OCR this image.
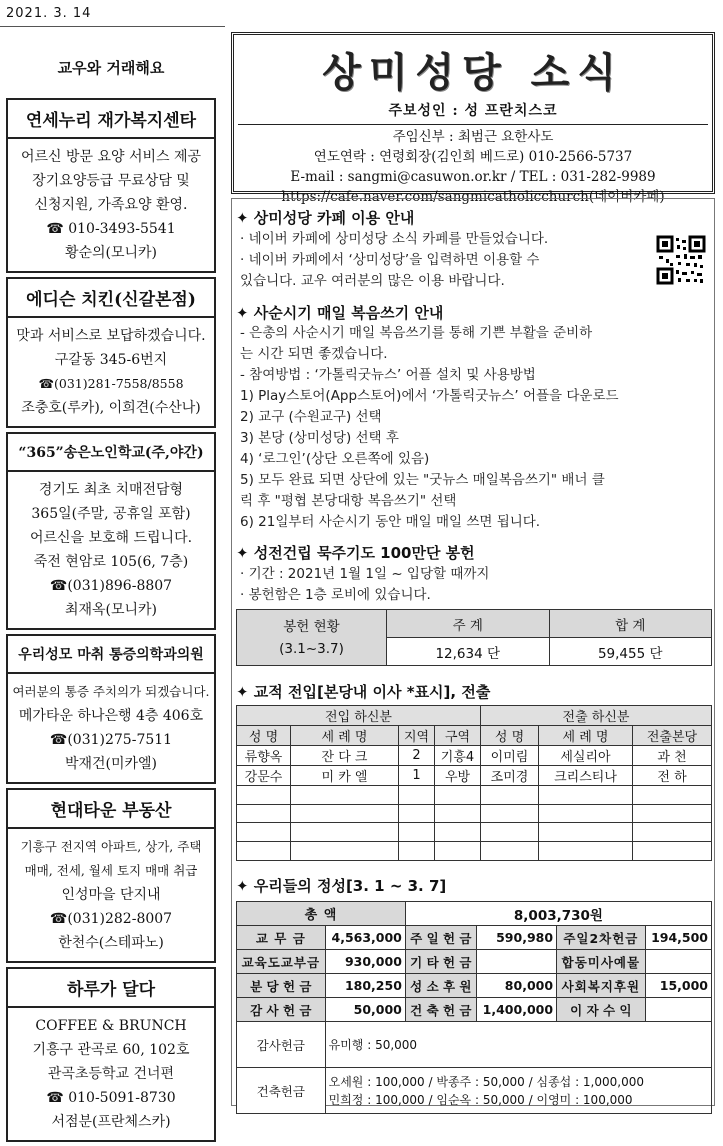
2021. 3. 14
교우와 거래해요
연세누리 재가복지센타
어르신 방문 요양 서비스 제공
장기요양등급 무료상담 및
신청지원, 가족요양 환영.
☎ 010-3493-5541
황순의(모니카)
에디슨 치킨(신갈본점)
맛과 서비스로 보답하겠습니다.
구갈동 345-6번지
☎(031)281-7558/8558
조충호(루카), 이희견(수산나)
“365”송은노인학교(주,야간)
경기도 최초 치매전담형
365일(주말, 공휴일 포함)
어르신을 보호해 드립니다.
죽전 현암로 105(6, 7층)
☎(031)896-8807
최재옥(모니카)
우리성모 마취 통증의학과의원
여러분의 통증 주치의가 되겠습니다.
메가타운 하나은행 4층 406호
☎(031)275-7511
박재건(미카엘)
현대타운 부동산
기흥구 전지역 아파트, 상가, 주택
매매, 전세, 월세 토지 매매 취급
인성마을 단지내
☎(031)282-8007
한천수(스테파노)
하루가 달다
COFFEE & BRUNCH
기흥구 관곡로 60, 102호
관곡초등학교 건너편
☎ 010-5091-8730
서점분(프란체스카)
상미성당 소식
주보성인 : 성 프란치스코
주임신부 : 최범근 요한사도
연도연락 : 연령회장(김인희 베드로) 010-2566-5737
E-mail : sangmi@casuwon.or.kr / TEL : 031-282-9989
https://cafe.naver.com/sangmicatholicchurch(네이버카페)
✦ 상미성당 카페 이용 안내
· 네이버 카페에 상미성당 소식 카페를 만들었습니다.
· 네이버 카페에서 ‘상미성당’을 입력하면 이용할 수
있습니다. 교우 여러분의 많은 이용 바랍니다.
✦ 사순시기 매일 복음쓰기 안내
- 은총의 사순시기 매일 복음쓰기를 통해 기쁜 부활을 준비하
는 시간 되면 좋겠습니다.
- 참여방법 : ‘가톨릭굿뉴스’ 어플 설치 및 사용방법
1) Play스토어(App스토어)에서 ‘가톨릭굿뉴스’ 어플을 다운로드
2) 교구 (수원교구) 선택
3) 본당 (상미성당) 선택 후
4) ‘로그인’(상단 오른쪽에 있음)
5) 모두 완료 되면 상단에 있는 "굿뉴스 매일복음쓰기" 배너 클
릭 후 "평협 본당대항 복음쓰기" 선택
6) 21일부터 사순시기 동안 매일 매일 쓰면 됩니다.
✦ 성전건립 묵주기도 100만단 봉헌
· 기간 : 2021년 1월 1일 ~ 입당할 때까지
· 봉헌함은 1층 로비에 있습니다.
봉헌 현황
(3.1~3.7)	주 계	합 계
	12,634 단	59,455 단
✦ 교적 전입[본당내 이사 *표시], 전출
전입 하신분				전출 하신분		
성 명	세 례 명	지역	구역	성 명	세 례 명	전출본당
류향옥	잔 다 크	2	기흥4	이미림	세실리아	과 천
강문수	미 카 엘	1	우방	조미경	크리스티나	전 하

✦ 우리들의 정성[3. 1 ~ 3. 7]
총 액		8,003,730원			
교 무 금	4,563,000	주 일 헌 금	590,980	주일2차헌금	194,500
교육도교부금	930,000	기 타 헌 금		합동미사예물	
분 당 헌 금	180,250	성 소 후 원	80,000	사회복지후원	15,000
감 사 헌 금	50,000	건 축 헌 금	1,400,000	이 자 수 익	
감사헌금	유미행 : 50,000				
건축헌금	오세원 : 100,000 / 박종주 : 50,000 / 심종섭 : 1,000,000
민희정 : 100,000 / 임순옥 : 50,000 / 이영미 : 100,000				
